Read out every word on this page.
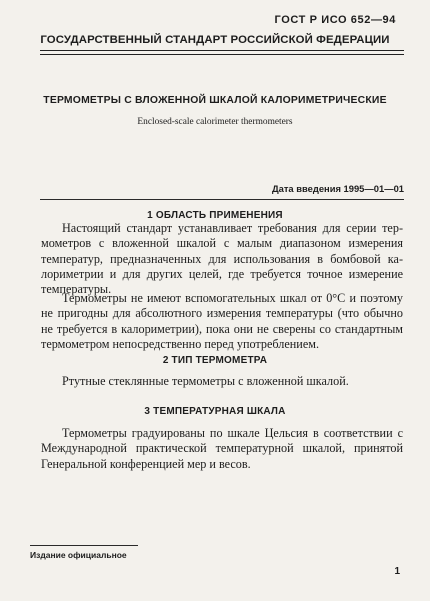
ГОСТ Р ИСО 652—94
ГОСУДАРСТВЕННЫЙ СТАНДАРТ РОССИЙСКОЙ ФЕДЕРАЦИИ
ТЕРМОМЕТРЫ С ВЛОЖЕННОЙ ШКАЛОЙ КАЛОРИМЕТРИЧЕСКИЕ
Enclosed-scale calorimeter thermometers
Дата введения 1995—01—01
1 ОБЛАСТЬ ПРИМЕНЕНИЯ

Настоящий стандарт устанавливает требования для серии термометров с вложенной шкалой с малым диапазоном измерения температур, предназначенных для использования в бомбовой калориметрии и для других целей, где требуется точное измерение температуры.

Термометры не имеют вспомогательных шкал от 0°С и поэтому не пригодны для абсолютного измерения температуры (что обычно не требуется в калориметрии), пока они не сверены со стандартным термометром непосредственно перед употреблением.

2 ТИП ТЕРМОМЕТРА

Ртутные стеклянные термометры с вложенной шкалой.

3 ТЕМПЕРАТУРНАЯ ШКАЛА

Термометры градуированы по шкале Цельсия в соответствии с Международной практической температурной шкалой, принятой Генеральной конференцией мер и весов.

Издание официальное
1
